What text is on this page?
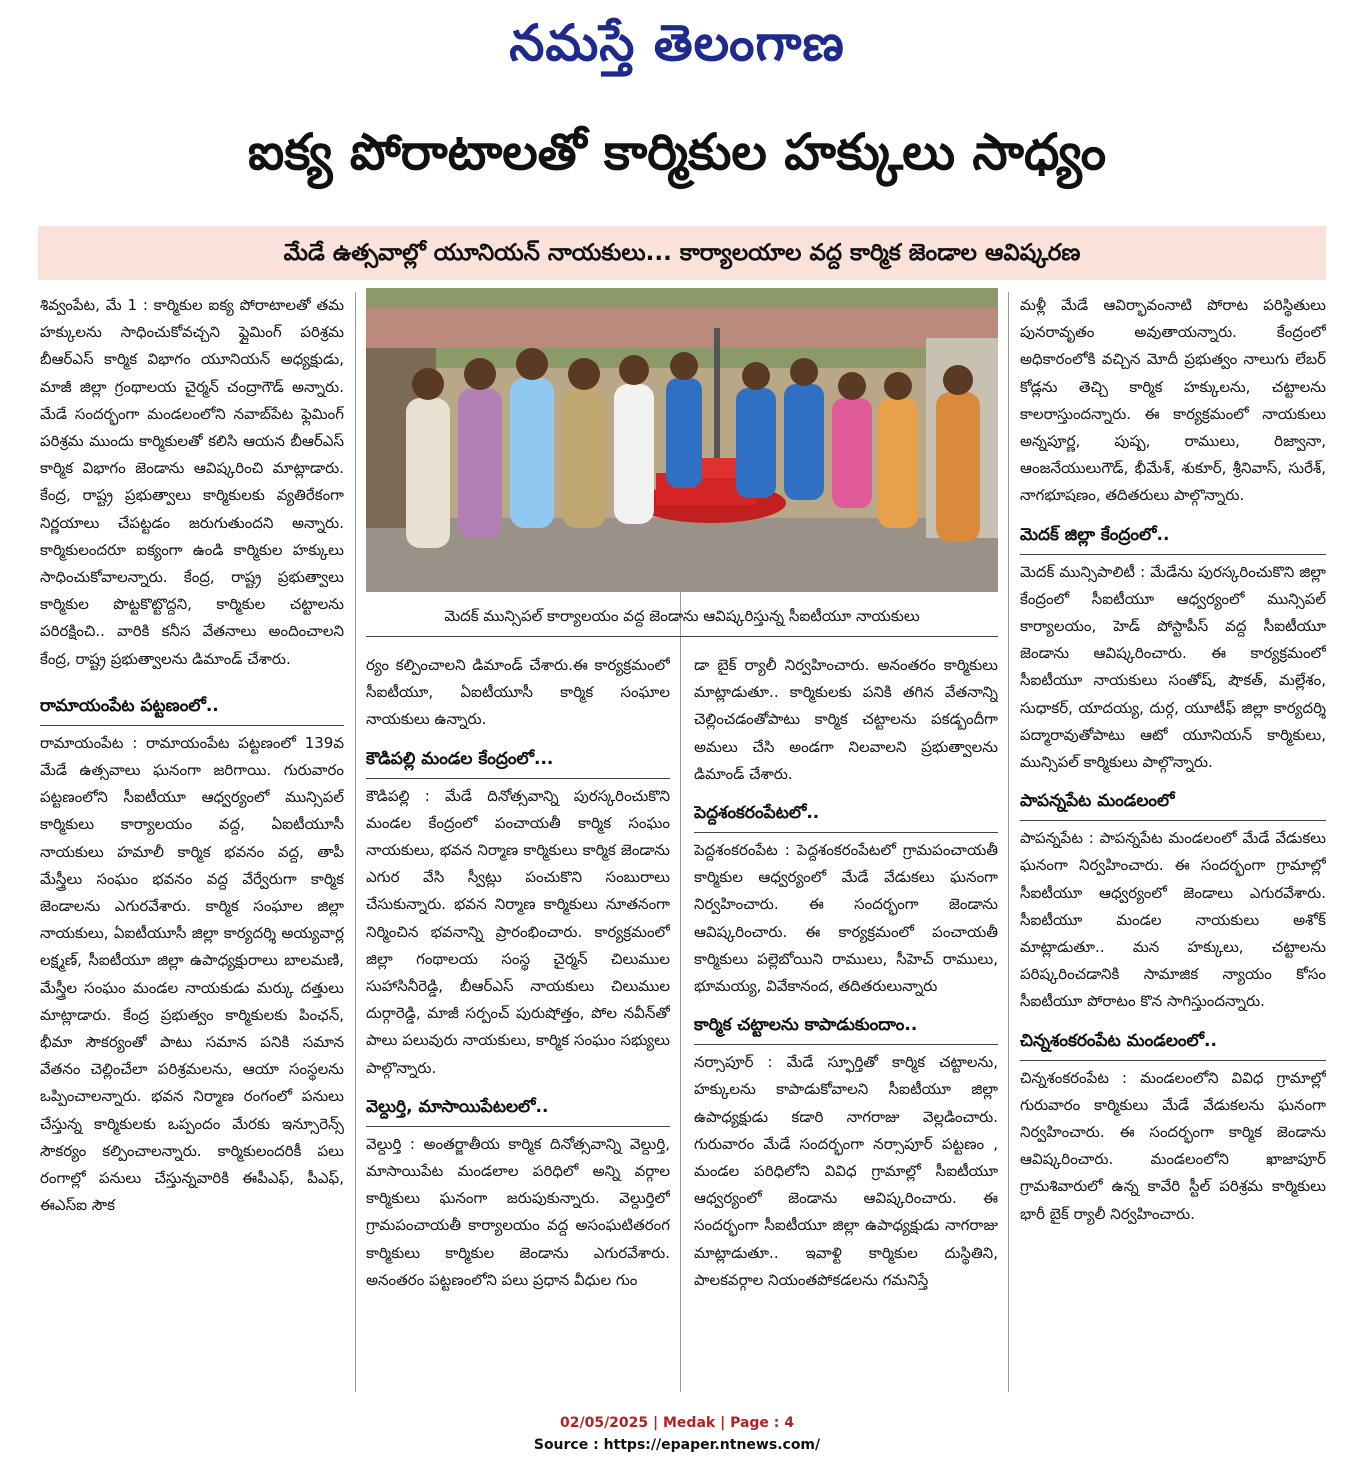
నమస్తే తెలంగాణ
ఐక్య పోరాటాలతో కార్మికుల హక్కులు సాధ్యం
మేడే ఉత్సవాల్లో యూనియన్ నాయకులు... కార్యాలయాల వద్ద కార్మిక జెండాల ఆవిష్కరణ

శివ్వంపేట, మే 1 : కార్మికుల ఐక్య పోరాటాలతో తమ హక్కులను సాధించుకోవచ్చని ఫ్లైమింగ్ పరిశ్రమ బీఆర్ఎస్ కార్మిక విభాగం యూనియన్ అధ్యక్షుడు, మాజీ జిల్లా గ్రంథాలయ చైర్మన్ చంద్రాగౌడ్ అన్నారు. మేడే సందర్భంగా మండలంలోని నవాబ్‌పేట ఫ్లెమింగ్ పరిశ్రమ ముందు కార్మికులతో కలిసి ఆయన బీఆర్ఎస్ కార్మిక విభాగం జెండాను ఆవిష్కరించి మాట్లాడారు. కేంద్ర, రాష్ట్ర ప్రభుత్వాలు కార్మికులకు వ్యతిరేకంగా నిర్ణయాలు చేపట్టడం జరుగుతుందని అన్నారు. కార్మికులందరూ ఐక్యంగా ఉండి కార్మికుల హక్కులు సాధించుకోవాలన్నారు. కేంద్ర, రాష్ట్ర ప్రభుత్వాలు కార్మికుల పొట్టకొట్టొద్దని, కార్మికుల చట్టాలను పరిరక్షించి.. వారికి కనీస వేతనాలు అందించాలని కేంద్ర, రాష్ట్ర ప్రభుత్వాలను డిమాండ్ చేశారు.

రామాయంపేట పట్టణంలో..

రామాయంపేట : రామాయంపేట పట్టణంలో 139వ మేడే ఉత్సవాలు ఘనంగా జరిగాయి. గురువారం పట్టణంలోని సీఐటీయూ ఆధ్వర్యంలో మున్సిపల్ కార్మికులు కార్యాలయం వద్ద, ఏఐటీయూసీ నాయకులు హమాలీ కార్మిక భవనం వద్ద, తాపీ మేస్త్రీలు సంఘం భవనం వద్ద వేర్వేరుగా కార్మిక జెండాలను ఎగురవేశారు. కార్మిక సంఘాల జిల్లా నాయకులు, ఏఐటీయూసీ జిల్లా కార్యదర్శి అయ్యవార్ల లక్ష్మణ్, సీఐటీయూ జిల్లా ఉపాధ్యక్షురాలు బాలమణి, మేస్త్రీల సంఘం మండల నాయకుడు మర్కు దత్తులు మాట్లాడారు. కేంద్ర ప్రభుత్వం కార్మికులకు పింఛన్, భీమా సౌకర్యంతో పాటు సమాన పనికి సమాన వేతనం చెల్లించేలా పరిశ్రమలను, ఆయా సంస్థలను ఒప్పించాలన్నారు. భవన నిర్మాణ రంగంలో పనులు చేస్తున్న కార్మికులకు ఒప్పందం మేరకు ఇన్సూరెన్స్ సౌకర్యం కల్పించాలన్నారు. కార్మికులందరికీ పలు రంగాల్లో పనులు చేస్తున్నవారికి ఈపీఎఫ్, పీఎఫ్, ఈఎస్ఐ సౌక

మెదక్ మున్సిపల్ కార్యాలయం వద్ద జెండాను ఆవిష్కరిస్తున్న సీఐటీయూ నాయకులు

ర్యం కల్పించాలని డిమాండ్ చేశారు.ఈ కార్యక్రమంలో సీఐటీయూ, ఏఐటీయూసీ కార్మిక సంఘాల నాయకులు ఉన్నారు.

కౌడిపల్లి మండల కేంద్రంలో...

కౌడిపల్లి : మేడే దినోత్సవాన్ని పురస్కరించుకొని మండల కేంద్రంలో పంచాయతీ కార్మిక సంఘం నాయకులు, భవన నిర్మాణ కార్మికులు కార్మిక జెండాను ఎగుర వేసి స్వీట్లు పంచుకొని సంబురాలు చేసుకున్నారు. భవన నిర్మాణ కార్మికులు నూతనంగా నిర్మించిన భవనాన్ని ప్రారంభించారు. కార్యక్రమంలో జిల్లా గంథాలయ సంస్థ చైర్మన్ చిలుముల సుహాసినీరెడ్డి, బీఆర్ఎస్ నాయకులు చిలుముల దుర్గారెడ్డి, మాజీ సర్పంచ్ పురుషోత్తం, పోల నవీన్‌తో పాలు పలువురు నాయకులు, కార్మిక సంఘం సభ్యులు పాల్గొన్నారు.

వెల్దుర్తి, మాసాయిపేటలలో..

వెల్దుర్తి : అంతర్జాతీయ కార్మిక దినోత్సవాన్ని వెల్దుర్తి, మాసాయిపేట మండలాల పరిధిలో అన్ని వర్గాల కార్మికులు ఘనంగా జరుపుకున్నారు. వెల్దుర్తిలో గ్రామపంచాయతీ కార్యాలయం వద్ద అసంఘటితరంగ కార్మికులు కార్మికుల జెండాను ఎగురవేశారు. అనంతరం పట్టణంలోని పలు ప్రధాన వీధుల గుం

డా బైక్ ర్యాలీ నిర్వహించారు. అనంతరం కార్మికులు మాట్లాడుతూ.. కార్మికులకు పనికి తగిన వేతనాన్ని చెల్లించడంతోపాటు కార్మిక చట్టాలను పకడ్బందీగా అమలు చేసి అండగా నిలవాలని ప్రభుత్వాలను డిమాండ్ చేశారు.

పెద్దశంకరంపేటలో..

పెద్దశంకరంపేట : పెద్దశంకరంపేటలో గ్రామపంచాయతీ కార్మికుల ఆధ్వర్యంలో మేడే వేడుకలు ఘనంగా నిర్వహించారు. ఈ సందర్భంగా జెండాను ఆవిష్కరించారు. ఈ కార్యక్రమంలో పంచాయతీ కార్మికులు పల్లెబోయిని రాములు, సీహెచ్ రాములు, భూమయ్య, వివేకానంద, తదితరులున్నారు

కార్మిక చట్టాలను కాపాడుకుందాం..

నర్సాపూర్ : మేడే స్ఫూర్తితో కార్మిక చట్టాలను, హక్కులను కాపాడుకోవాలని సీఐటీయూ జిల్లా ఉపాధ్యక్షుడు కడారి నాగరాజు వెల్లడించారు. గురువారం మేడే సందర్భంగా నర్సాపూర్ పట్టణం , మండల పరిధిలోని వివిధ గ్రామాల్లో సీఐటీయూ ఆధ్వర్యంలో జెండాను ఆవిష్కరించారు. ఈ సందర్భంగా సీఐటీయూ జిల్లా ఉపాధ్యక్షుడు నాగరాజు మాట్లాడుతూ.. ఇవాళ్టి కార్మికుల దుస్థితిని, పాలకవర్గాల నియంతపోకడలను గమనిస్తే

మళ్లీ మేడే ఆవిర్భావంనాటి పోరాట పరిస్థితులు పునరావృతం అవుతాయన్నారు. కేంద్రంలో అధికారంలోకి వచ్చిన మోదీ ప్రభుత్వం నాలుగు లేబర్ కోడ్లను తెచ్చి కార్మిక హక్కులను, చట్టాలను కాలరాస్తుందన్నారు. ఈ కార్యక్రమంలో నాయకులు అన్నపూర్ణ, పుష్ప, రాములు, రిజ్వానా, ఆంజనేయులుగౌడ్, భీమేశ్, శుకూర్, శ్రీనివాస్, సురేశ్, నాగభూషణం, తదితరులు పాల్గొన్నారు.

మెదక్ జిల్లా కేంద్రంలో..

మెదక్ మున్సిపాలిటీ : మేడేను పురస్కరించుకొని జిల్లా కేంద్రంలో సీఐటీయూ ఆధ్వర్యంలో మున్సిపల్ కార్యాలయం, హెడ్ పోస్టాపీస్ వద్ద సీఐటీయూ జెండాను ఆవిష్కరించారు. ఈ కార్యక్రమంలో సీఐటీయూ నాయకులు సంతోష్, షౌకత్, మల్లేశం, సుధాకర్, యాదయ్య, దుర్గ, యూటీఫ్ జిల్లా కార్యదర్శి పద్మారావుతోపాటు ఆటో యూనియన్ కార్మికులు, మున్సిపల్ కార్మికులు పాల్గొన్నారు.

పాపన్నపేట మండలంలో

పాపన్నపేట : పాపన్నపేట మండలంలో మేడే వేడుకలు ఘనంగా నిర్వహించారు. ఈ సందర్భంగా గ్రామాల్లో సీఐటీయూ ఆధ్వర్యంలో జెండాలు ఎగురవేశారు. సీఐటీయూ మండల నాయకులు అశోక్ మాట్లాడుతూ.. మన హక్కులు, చట్టాలను పరిష్కరించడానికి సామాజిక న్యాయం కోసం సీఐటీయూ పోరాటం కొన సాగిస్తుందన్నారు.

చిన్నశంకరంపేట మండలంలో..

చిన్నశంకరంపేట : మండలంలోని వివిధ గ్రామాల్లో గురువారం కార్మికులు మేడే వేడుకలను ఘనంగా నిర్వహించారు. ఈ సందర్భంగా కార్మిక జెండాను ఆవిష్కరించారు. మండలంలోని ఖాజాపూర్ గ్రామశివారులో ఉన్న కావేరి స్టీల్ పరిశ్రమ కార్మికులు భారీ బైక్ ర్యాలీ నిర్వహించారు.

02/05/2025 | Medak | Page : 4
Source : https://epaper.ntnews.com/
